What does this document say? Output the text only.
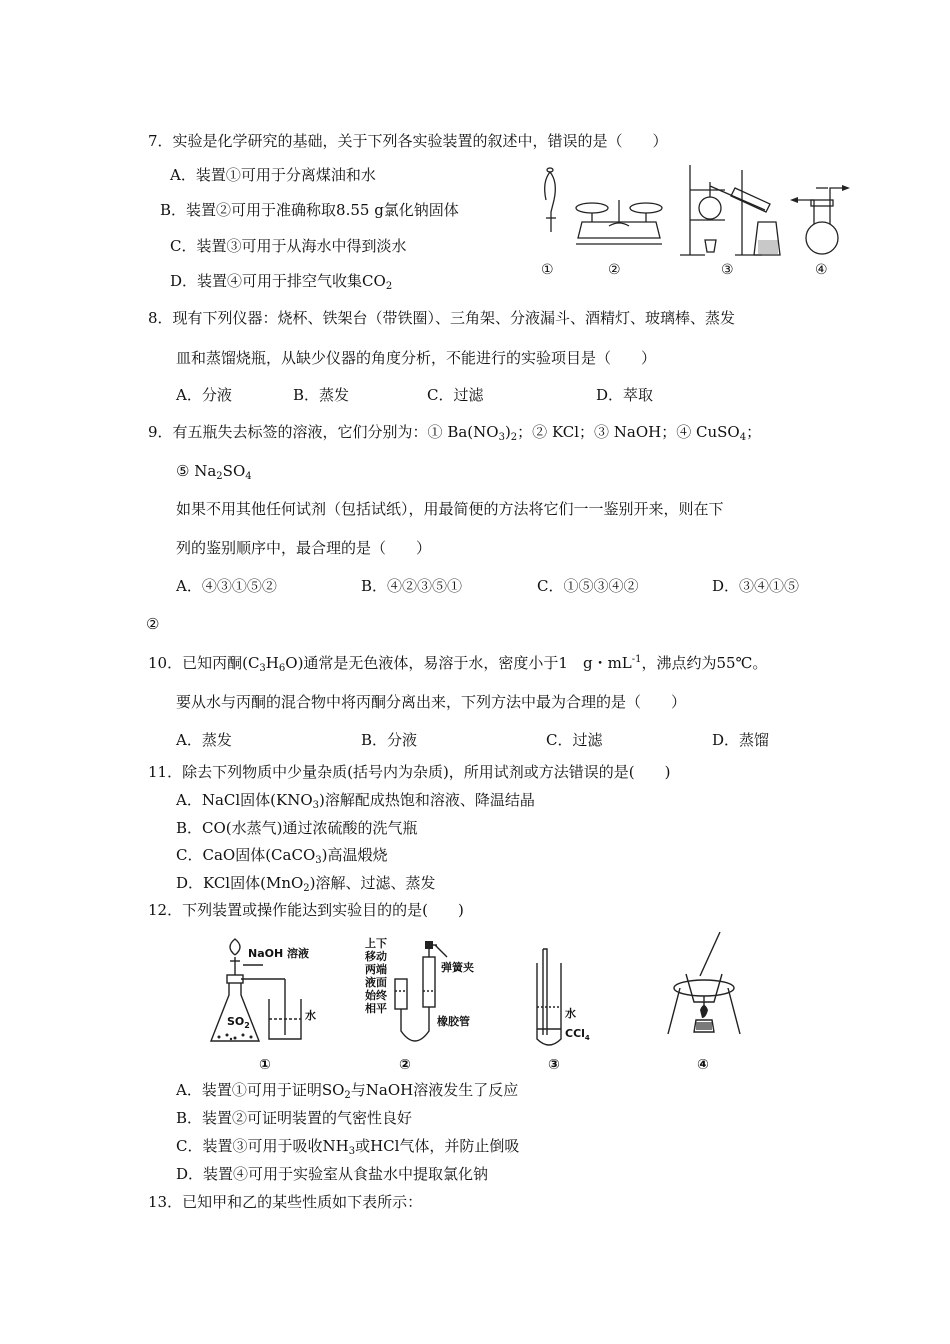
7．实验是化学研究的基础，关于下列各实验装置的叙述中，错误的是（　　）
A．装置①可用于分离煤油和水
B．装置②可用于准确称取8.55 g氯化钠固体
C．装置③可用于从海水中得到淡水
D．装置④可用于排空气收集$CO_2$
①	②	③	④
8．现有下列仪器：烧杯、铁架台（带铁圈）、三角架、分液漏斗、酒精灯、玻璃棒、蒸发
皿和蒸馏烧瓶，从缺少仪器的角度分析，不能进行的实验项目是（　　）
A．分液	B．蒸发	C．过滤	D．萃取
9．有五瓶失去标签的溶液，它们分别为：① $Ba(NO_3)_2$；② KCl；③ NaOH；④ CuSO$_4$；
⑤ $Na_2SO_4$
如果不用其他任何试剂（包括试纸），用最简便的方法将它们一一鉴别开来，则在下
列的鉴别顺序中，最合理的是（　　）
A．④③①⑤②	B．④②③⑤①	C．①⑤③④②	D．③④①⑤
②
10．已知丙酮$(C_3H_6O)$通常是无色液体，易溶于水，密度小于1　g・$mL^{-1}$，沸点约为55℃。
要从水与丙酮的混合物中将丙酮分离出来，下列方法中最为合理的是（　　）
A．蒸发	B．分液	C．过滤	D．蒸馏
11．除去下列物质中少量杂质(括号内为杂质)，所用试剂或方法错误的是(　　)
A．NaCl固体$(KNO_3)$溶解配成热饱和溶液、降温结晶
B．CO(水蒸气)通过浓硫酸的洗气瓶
C．CaO固体(CaCO$_3$)高温煅烧
D．KCl固体(MnO$_2$)溶解、过滤、蒸发
12．下列装置或操作能达到实验目的的是(　　)
$SO_2$
NaOH 溶液
水
①
上下
移动
两端
液面
始终
相平
弹簧夹
橡胶管
②
水
CCl$_4$
③	④
A．装置①可用于证明$SO_2$与NaOH溶液发生了反应
B．装置②可证明装置的气密性良好
C．装置③可用于吸收$NH_3$或HCl气体，并防止倒吸
D．装置④可用于实验室从食盐水中提取氯化钠
13．已知甲和乙的某些性质如下表所示：
